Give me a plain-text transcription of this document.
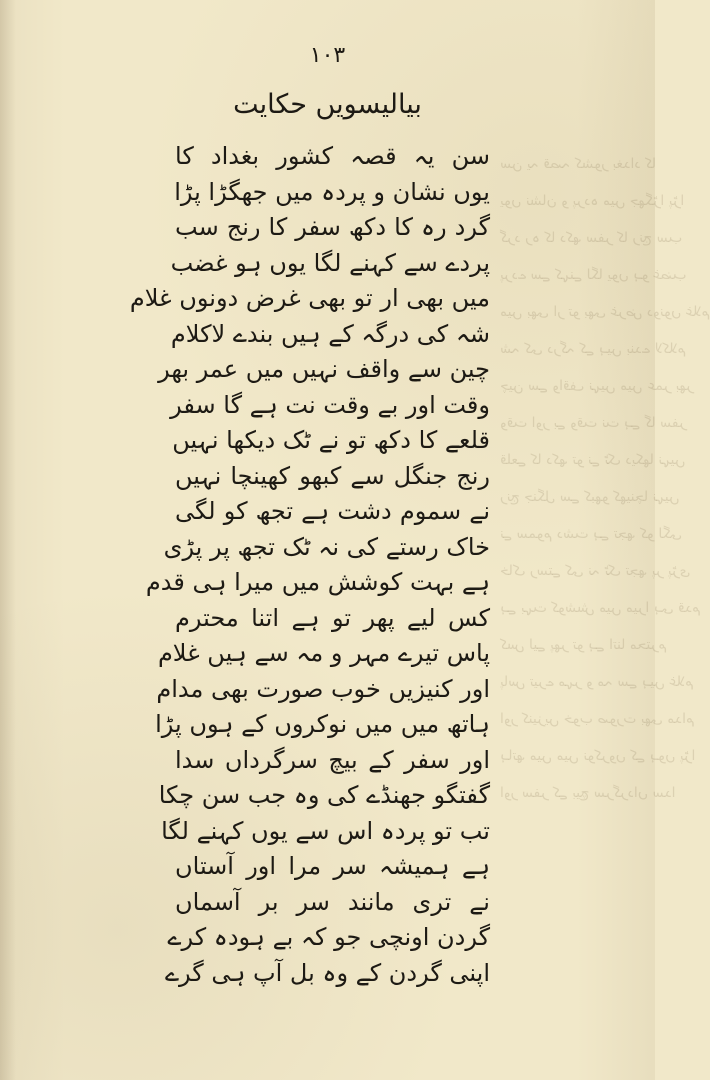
سن یہ قصہ کشور بغداد کا
یوں نشان و پردہ میں جھگڑا پڑا
گرد رہ کا دکھ سفر کا رنج سب
پردے سے کہنے لگا یوں ہو غضب
میں بھی ار تو بھی غرض دونوں غلام
شہ کی درگہ کے ہیں بندے لاکلام
چین سے واقف نہیں میں عمر بھر
وقت اور بے وقت نت ہے گا سفر
قلعے کا دکھ تو نے ٹک دیکھا نہیں
رنج جنگل سے کبھو کھینچا نہیں
نے سموم دشت ہے تجھ کو لگی
خاک رستے کی نہ ٹک تجھ پر پڑی
ہے بہت کوشش میں میرا ہی قدم
کس لیے پھر تو ہے اتنا محترم
پاس تیرے مہر و مہ سے ہیں غلام
اور کنیزیں خوب صورت بھی مدام
ہاتھ میں میں نوکروں کے ہوں پڑا
اور سفر کے بیچ سرگرداں سدا
۱۰۳
بیالیسویں حکایت
سن یہ قصہ کشور بغداد کا
یوں نشان و پردہ میں جھگڑا پڑا
گرد رہ کا دکھ سفر کا رنج سب
پردے سے کہنے لگا یوں ہو غضب
میں بھی ار تو بھی غرض دونوں غلام
شہ کی درگہ کے ہیں بندے لاکلام
چین سے واقف نہیں میں عمر بھر
وقت اور بے وقت نت ہے گا سفر
قلعے کا دکھ تو نے ٹک دیکھا نہیں
رنج جنگل سے کبھو کھینچا نہیں
نے سموم دشت ہے تجھ کو لگی
خاک رستے کی نہ ٹک تجھ پر پڑی
ہے بہت کوشش میں میرا ہی قدم
کس لیے پھر تو ہے اتنا محترم
پاس تیرے مہر و مہ سے ہیں غلام
اور کنیزیں خوب صورت بھی مدام
ہاتھ میں میں نوکروں کے ہوں پڑا
اور سفر کے بیچ سرگرداں سدا
گفتگو جھنڈے کی وہ جب سن چکا
تب تو پردہ اس سے یوں کہنے لگا
ہے ہمیشہ سر مرا اور آستاں
نے تری مانند سر بر آسماں
گردن اونچی جو کہ بے ہودہ کرے
اپنی گردن کے وہ بل آپ ہی گرے
